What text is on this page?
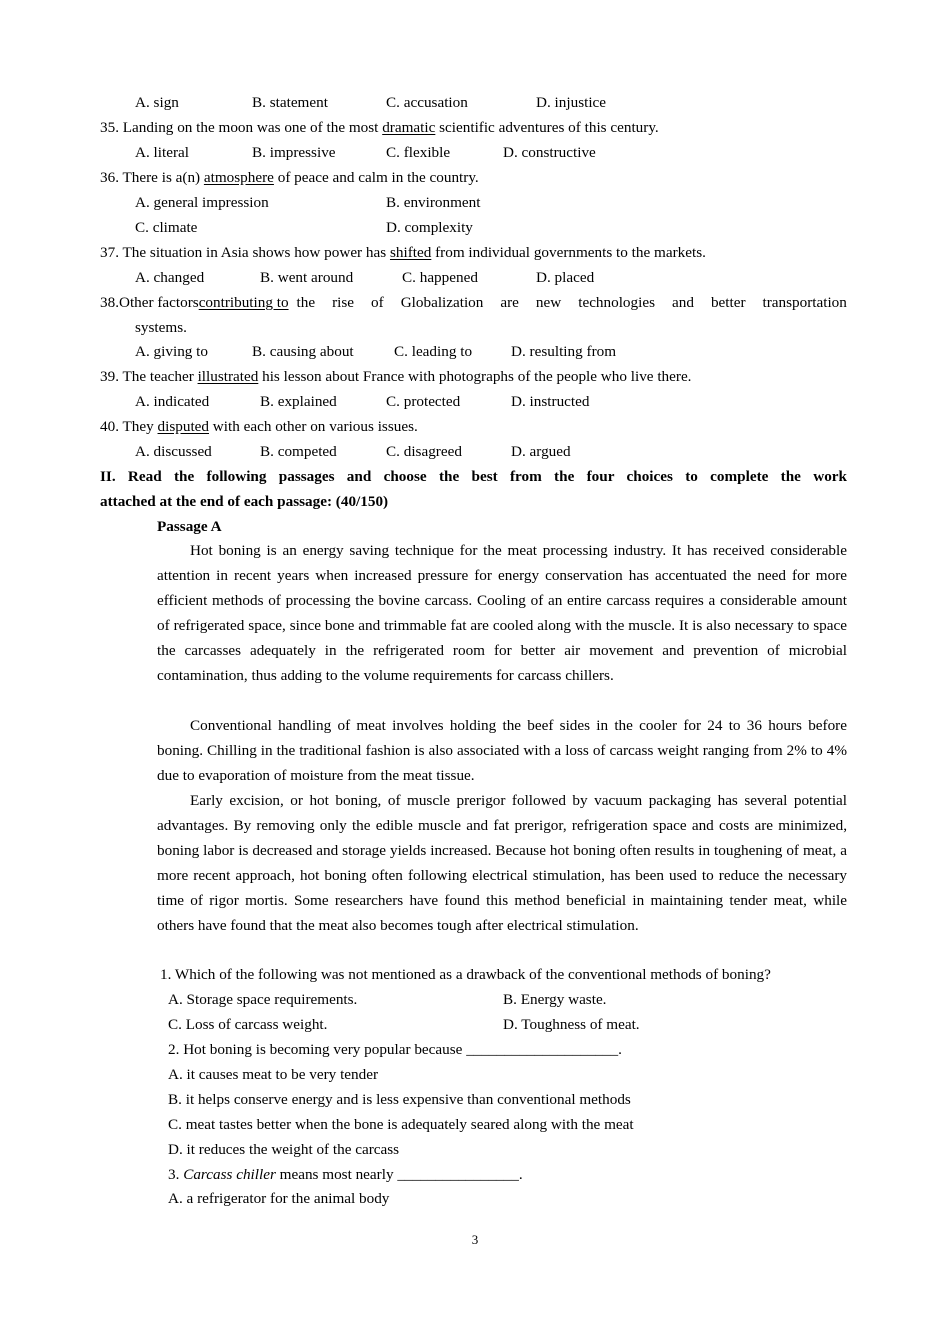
A. sign	B. statement	C. accusation	D. injustice
35. Landing on the moon was one of the most dramatic scientific adventures of this century.
A. literal	B. impressive	C. flexible	D. constructive
36. There is a(n) atmosphere of peace and calm in the country.
A. general impression	B. environment
C. climate	D. complexity
37. The situation in Asia shows how power has shifted from individual governments to the markets.
A. changed	B. went around	C. happened	D. placed
38. Other factors contributing to the rise of Globalization are new technologies and better transportation
systems.
A. giving to	B. causing about	C. leading to	D. resulting from
39. The teacher illustrated his lesson about France with photographs of the people who live there.
A. indicated	B. explained	C. protected	D. instructed
40. They disputed with each other on various issues.
A. discussed	B. competed	C. disagreed	D. argued
II. Read the following passages and choose the best from the four choices to complete the work
attached at the end of each passage: (40/150)
Passage A
Hot boning is an energy saving technique for the meat processing industry. It has received considerable attention in recent years when increased pressure for energy conservation has accentuated the need for more efficient methods of processing the bovine carcass. Cooling of an entire carcass requires a considerable amount of refrigerated space, since bone and trimmable fat are cooled along with the muscle. It is also necessary to space the carcasses adequately in the refrigerated room for better air movement and prevention of microbial contamination, thus adding to the volume requirements for carcass chillers.
Conventional handling of meat involves holding the beef sides in the cooler for 24 to 36 hours before boning. Chilling in the traditional fashion is also associated with a loss of carcass weight ranging from 2% to 4% due to evaporation of moisture from the meat tissue.
Early excision, or hot boning, of muscle prerigor followed by vacuum packaging has several potential advantages. By removing only the edible muscle and fat prerigor, refrigeration space and costs are minimized, boning labor is decreased and storage yields increased. Because hot boning often results in toughening of meat, a more recent approach, hot boning often following electrical stimulation, has been used to reduce the necessary time of rigor mortis. Some researchers have found this method beneficial in maintaining tender meat, while others have found that the meat also becomes tough after electrical stimulation.
1. Which of the following was not mentioned as a drawback of the conventional methods of boning?
A. Storage space requirements.	B. Energy waste.
C. Loss of carcass weight.	D. Toughness of meat.
2. Hot boning is becoming very popular because ____________________.
A. it causes meat to be very tender
B. it helps conserve energy and is less expensive than conventional methods
C. meat tastes better when the bone is adequately seared along with the meat
D. it reduces the weight of the carcass
3. Carcass chiller means most nearly ________________.
A. a refrigerator for the animal body
3
